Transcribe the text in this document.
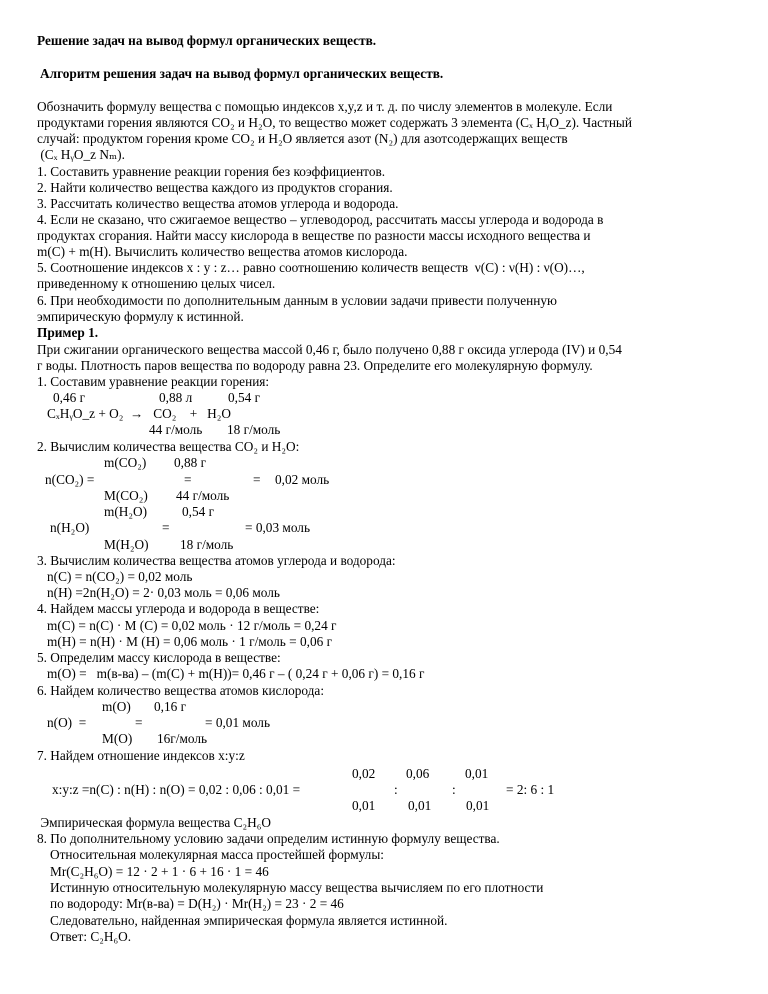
Решение задач на вывод формул органических веществ.
Алгоритм решения задач на вывод формул органических веществ.
Обозначить формулу вещества с помощью индексов x,y,z и т. д. по числу элементов в молекуле. Если
продуктами горения являются CO₂ и H₂O, то вещество может содержать 3 элемента (Cₓ HᵧO_z). Частный
случай: продуктом горения кроме CO₂ и H₂O является азот (N₂) для азотсодержащих веществ
(Cₓ HᵧO_z Nₘ).
1. Составить уравнение реакции горения без коэффициентов.
2. Найти количество вещества каждого из продуктов сгорания.
3. Рассчитать количество вещества атомов углерода и водорода.
4. Если не сказано, что сжигаемое вещество – углеводород, рассчитать массы углерода и водорода в
продуктах сгорания. Найти массу кислорода в веществе по разности массы исходного вещества и
m(C) + m(H). Вычислить количество вещества атомов кислорода.
5. Соотношение индексов x : y : z… равно соотношению количеств веществ  ν(C) : ν(H) : ν(O)…,
приведенному к отношению целых чисел.
6. При необходимости по дополнительным данным в условии задачи привести полученную
эмпирическую формулу к истинной.
Пример 1.
При сжигании органического вещества массой 0,46 г, было получено 0,88 г оксида углерода (IV) и 0,54
г воды. Плотность паров вещества по водороду равна 23. Определите его молекулярную формулу.
1. Составим уравнение реакции горения:
0,46 г	0,88 л	0,54 г
CₓHᵧO_z + O₂  →   CO₂    +   H₂O
44 г/моль 18 г/моль
2. Вычислим количества вещества CO₂ и H₂O:
m(CO₂) 0,88 г
n(CO₂) =	=	= 0,02 моль
M(CO₂) 44 г/моль
m(H₂O)	0,54 г
n(H₂O)	=	= 0,03 моль
M(H₂O) 18 г/моль
3. Вычислим количества вещества атомов углерода и водорода:
n(C) = n(CO₂) = 0,02 моль
n(H) =2n(H₂O) = 2· 0,03 моль = 0,06 моль
4. Найдем массы углерода и водорода в веществе:
m(C) = n(C) · M (C) = 0,02 моль · 12 г/моль = 0,24 г
m(H) = n(H) · M (H) = 0,06 моль · 1 г/моль = 0,06 г
5. Определим массу кислорода в веществе:
m(O) =   m(в-ва) – (m(C) + m(H))= 0,46 г – ( 0,24 г + 0,06 г) = 0,16 г
6. Найдем количество вещества атомов кислорода:
m(O) 0,16 г
n(O)  =	=	= 0,01 моль
M(O) 16г/моль
7. Найдем отношение индексов x:y:z
0,02 0,06	0,01
x:y:z =n(C) : n(H) : n(O) = 0,02 : 0,06 : 0,01 =	:	:	= 2: 6 : 1
0,01 0,01	0,01
Эмпирическая формула вещества C₂H₆O
8. По дополнительному условию задачи определим истинную формулу вещества.
Относительная молекулярная масса простейшей формулы:
Mr(C₂H₆O) = 12 · 2 + 1 · 6 + 16 · 1 = 46
Истинную относительную молекулярную массу вещества вычисляем по его плотности
по водороду: Mr(в-ва) = D(H₂) · Mr(H₂) = 23 · 2 = 46
Следовательно, найденная эмпирическая формула является истинной.
Ответ: C₂H₆O.
